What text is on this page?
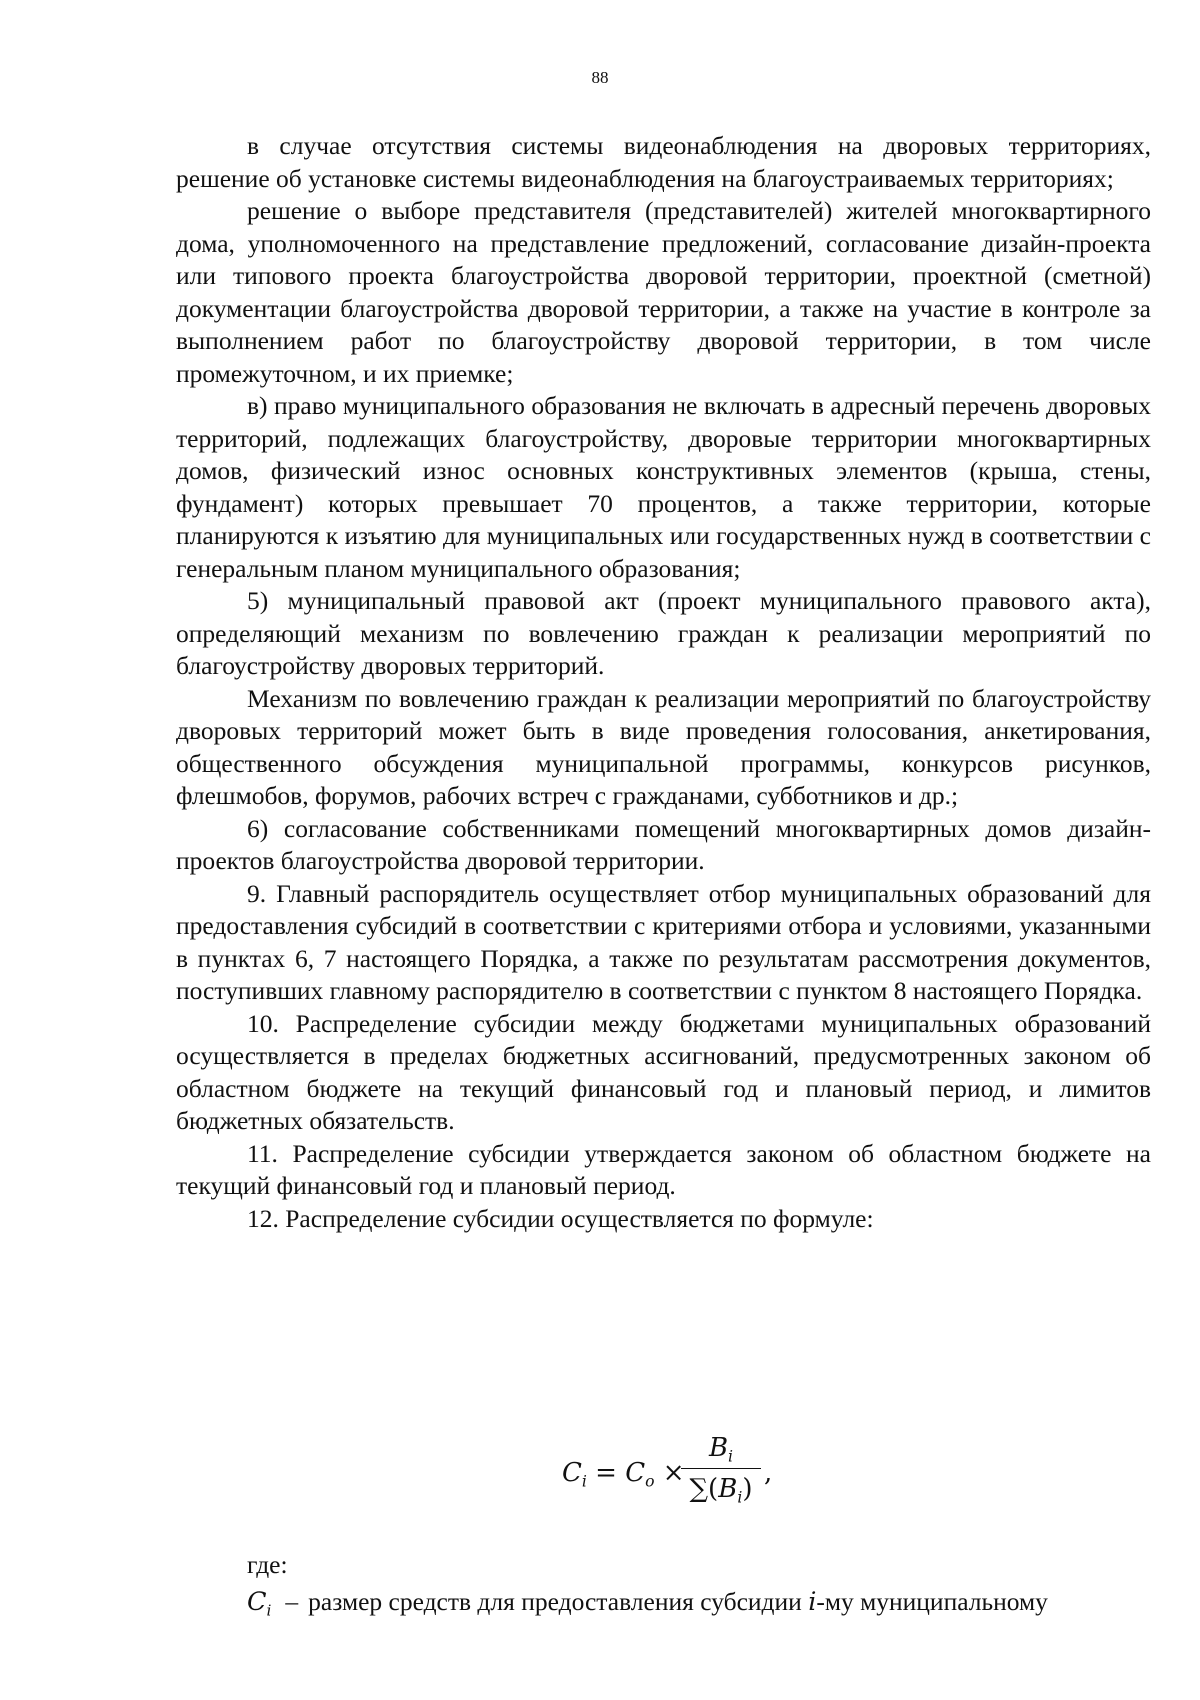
88

в случае отсутствия системы видеонаблюдения на дворовых территориях, решение об установке системы видеонаблюдения на благоустраиваемых территориях;

решение о выборе представителя (представителей) жителей многоквартирного дома, уполномоченного на представление предложений, согласование дизайн-проекта или типового проекта благоустройства дворовой территории, проектной (сметной) документации благоустройства дворовой территории, а также на участие в контроле за выполнением работ по благоустройству дворовой территории, в том числе промежуточном, и их приемке;

в) право муниципального образования не включать в адресный перечень дворовых территорий, подлежащих благоустройству, дворовые территории многоквартирных домов, физический износ основных конструктивных элементов (крыша, стены, фундамент) которых превышает 70 процентов, а также территории, которые планируются к изъятию для муниципальных или государственных нужд в соответствии с генеральным планом муниципального образования;

5) муниципальный правовой акт (проект муниципального правового акта), определяющий механизм по вовлечению граждан к реализации мероприятий по благоустройству дворовых территорий.

Механизм по вовлечению граждан к реализации мероприятий по благоустройству дворовых территорий может быть в виде проведения голосования, анкетирования, общественного обсуждения муниципальной программы, конкурсов рисунков, флешмобов, форумов, рабочих встреч с гражданами, субботников и др.;

6) согласование собственниками помещений многоквартирных домов дизайн-проектов благоустройства дворовой территории.

9. Главный распорядитель осуществляет отбор муниципальных образований для предоставления субсидий в соответствии с критериями отбора и условиями, указанными в пунктах 6, 7 настоящего Порядка, а также по результатам рассмотрения документов, поступивших главному распорядителю в соответствии с пунктом 8 настоящего Порядка.

10. Распределение субсидии между бюджетами муниципальных образований осуществляется в пределах бюджетных ассигнований, предусмотренных законом об областном бюджете на текущий финансовый год и плановый период, и лимитов бюджетных обязательств.

11. Распределение субсидии утверждается законом об областном бюджете на текущий финансовый год и плановый период.

12. Распределение субсидии осуществляется по формуле:

$C_i = C_o$ ×
$B_i$
$\sum(B_i)$
,
где:
$C_i$ – размер средств для предоставления субсидии i-му муниципальному
